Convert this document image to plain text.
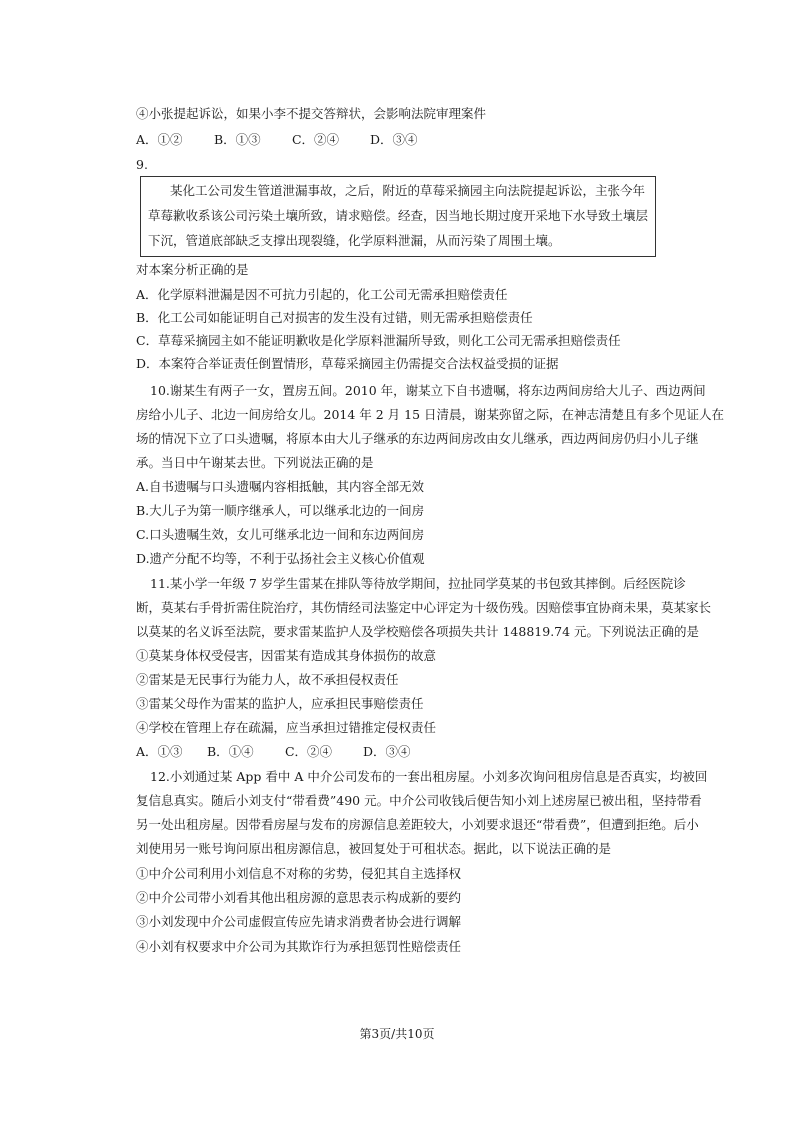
④小张提起诉讼，如果小李不提交答辩状，会影响法院审理案件
A．①②	B．①③	C．②④ D．③④
9.
某化工公司发生管道泄漏事故，之后，附近的草莓采摘园主向法院提起诉讼，主张今年
草莓歉收系该公司污染土壤所致，请求赔偿。经查，因当地长期过度开采地下水导致土壤层
下沉，管道底部缺乏支撑出现裂缝，化学原料泄漏，从而污染了周围土壤。
对本案分析正确的是
A．化学原料泄漏是因不可抗力引起的，化工公司无需承担赔偿责任
B．化工公司如能证明自己对损害的发生没有过错，则无需承担赔偿责任
C．草莓采摘园主如不能证明歉收是化学原料泄漏所导致，则化工公司无需承担赔偿责任
D．本案符合举证责任倒置情形，草莓采摘园主仍需提交合法权益受损的证据
10.谢某生有两子一女，置房五间。2010 年，谢某立下自书遗嘱，将东边两间房给大儿子、西边两间
房给小儿子、北边一间房给女儿。2014 年 2 月 15 日清晨，谢某弥留之际，在神志清楚且有多个见证人在
场的情况下立了口头遗嘱，将原本由大儿子继承的东边两间房改由女儿继承，西边两间房仍归小儿子继
承。当日中午谢某去世。下列说法正确的是
A.自书遗嘱与口头遗嘱内容相抵触，其内容全部无效
B.大儿子为第一顺序继承人，可以继承北边的一间房
C.口头遗嘱生效，女儿可继承北边一间和东边两间房
D.遗产分配不均等，不利于弘扬社会主义核心价值观
11.某小学一年级 7 岁学生雷某在排队等待放学期间，拉扯同学莫某的书包致其摔倒。后经医院诊
断，莫某右手骨折需住院治疗，其伤情经司法鉴定中心评定为十级伤残。因赔偿事宜协商未果，莫某家长
以莫某的名义诉至法院，要求雷某监护人及学校赔偿各项损失共计 148819.74 元。下列说法正确的是
①莫某身体权受侵害，因雷某有造成其身体损伤的故意
②雷某是无民事行为能力人，故不承担侵权责任
③雷某父母作为雷某的监护人，应承担民事赔偿责任
④学校在管理上存在疏漏，应当承担过错推定侵权责任
A．①③ B．①④	C．②④ D．③④
12.小刘通过某 App 看中 A 中介公司发布的一套出租房屋。小刘多次询问租房信息是否真实，均被回
复信息真实。随后小刘支付“带看费”490 元。中介公司收钱后便告知小刘上述房屋已被出租，坚持带看
另一处出租房屋。因带看房屋与发布的房源信息差距较大，小刘要求退还“带看费”，但遭到拒绝。后小
刘使用另一账号询问原出租房源信息，被回复处于可租状态。据此，以下说法正确的是
①中介公司利用小刘信息不对称的劣势，侵犯其自主选择权
②中介公司带小刘看其他出租房源的意思表示构成新的要约
③小刘发现中介公司虚假宣传应先请求消费者协会进行调解
④小刘有权要求中介公司为其欺诈行为承担惩罚性赔偿责任
第3页/共10页
